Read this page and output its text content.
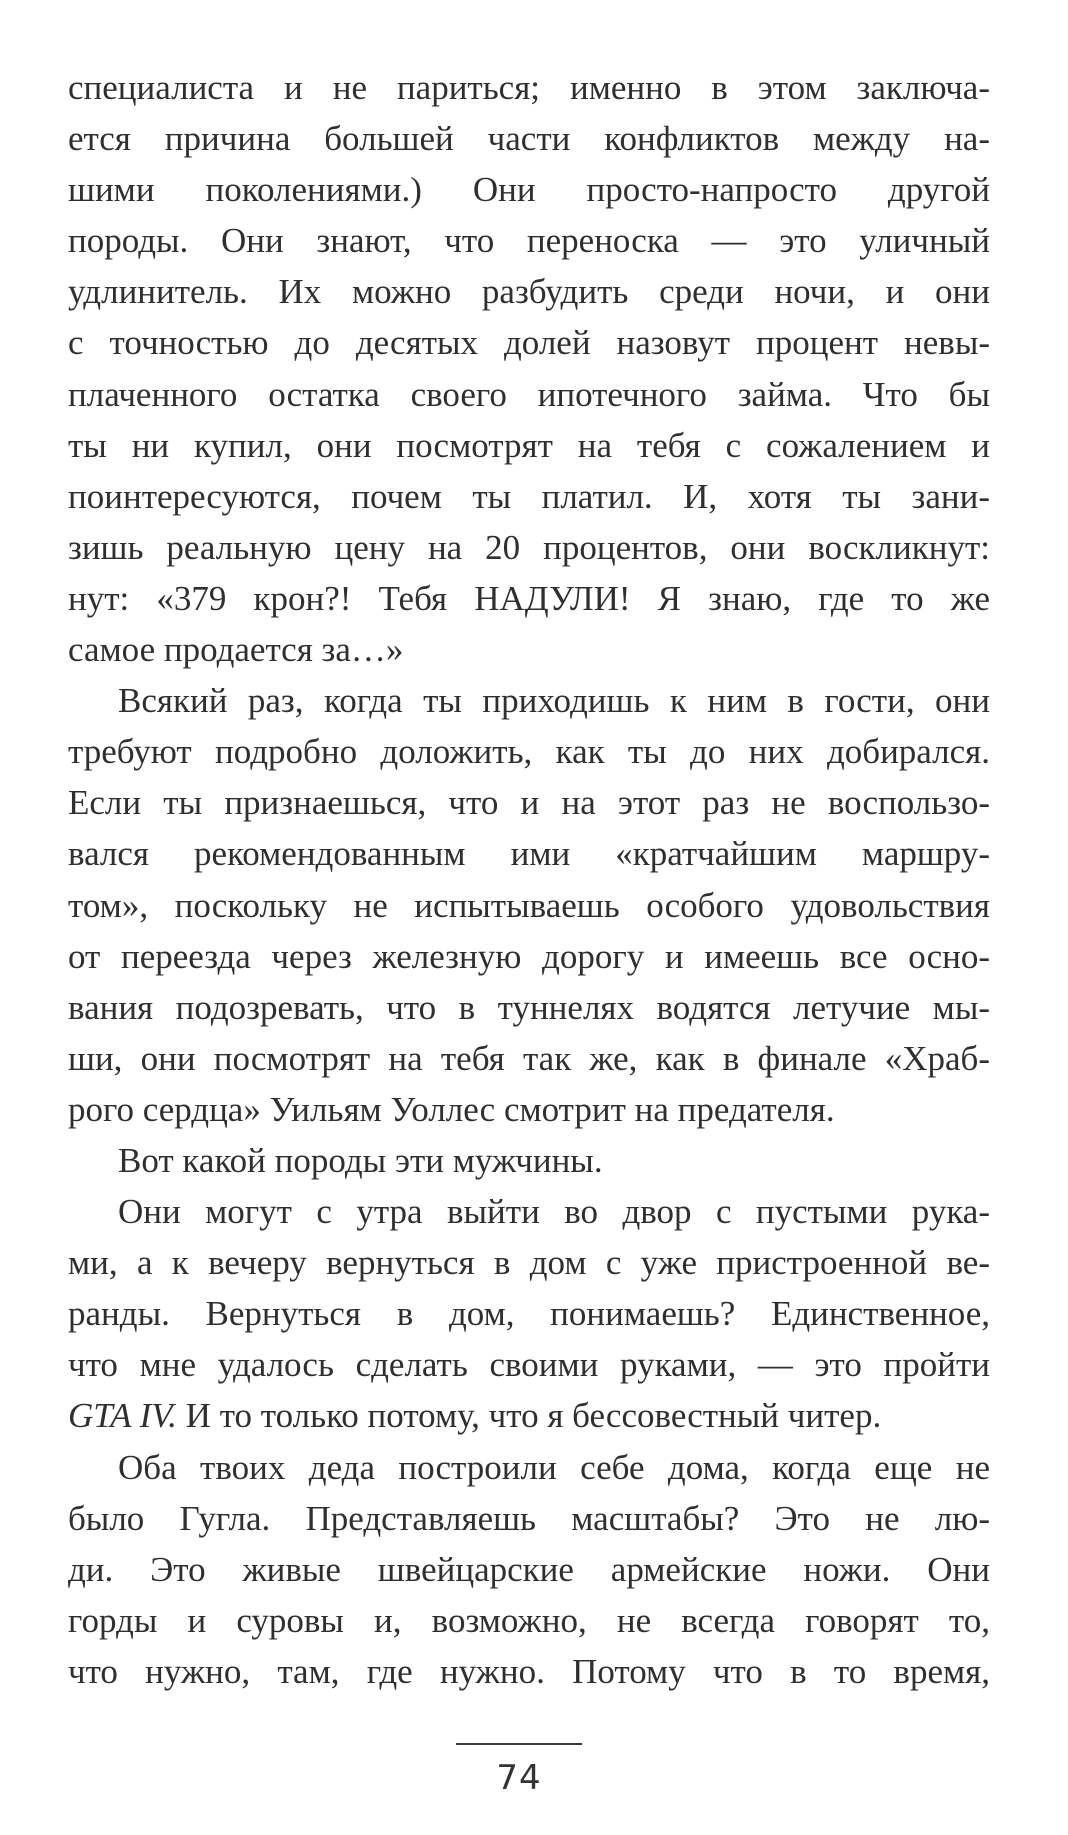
специалиста и не париться; именно в этом заключа-
ется причина большей части конфликтов между на-
шими поколениями.) Они просто-напросто другой
породы. Они знают, что переноска — это уличный
удлинитель. Их можно разбудить среди ночи, и они
с точностью до десятых долей назовут процент невы-
плаченного остатка своего ипотечного займа. Что бы
ты ни купил, они посмотрят на тебя с сожалением и
поинтересуются, почем ты платил. И, хотя ты зани-
зишь реальную цену на 20 процентов, они воскликнут:
нут: «379 крон?! Тебя НАДУЛИ! Я знаю, где то же
самое продается за…»
Всякий раз, когда ты приходишь к ним в гости, они
требуют подробно доложить, как ты до них добирался.
Если ты признаешься, что и на этот раз не воспользо-
вался рекомендованным ими «кратчайшим маршру-
том», поскольку не испытываешь особого удовольствия
от переезда через железную дорогу и имеешь все осно-
вания подозревать, что в туннелях водятся летучие мы-
ши, они посмотрят на тебя так же, как в финале «Храб-
рого сердца» Уильям Уоллес смотрит на предателя.
Вот какой породы эти мужчины.
Они могут с утра выйти во двор с пустыми рука-
ми, а к вечеру вернуться в дом с уже пристроенной ве-
ранды. Вернуться в дом, понимаешь? Единственное,
что мне удалось сделать своими руками, — это пройти
GTA IV. И то только потому, что я бессовестный читер.
Оба твоих деда построили себе дома, когда еще не
было Гугла. Представляешь масштабы? Это не лю-
ди. Это живые швейцарские армейские ножи. Они
горды и суровы и, возможно, не всегда говорят то,
что нужно, там, где нужно. Потому что в то время,
74
